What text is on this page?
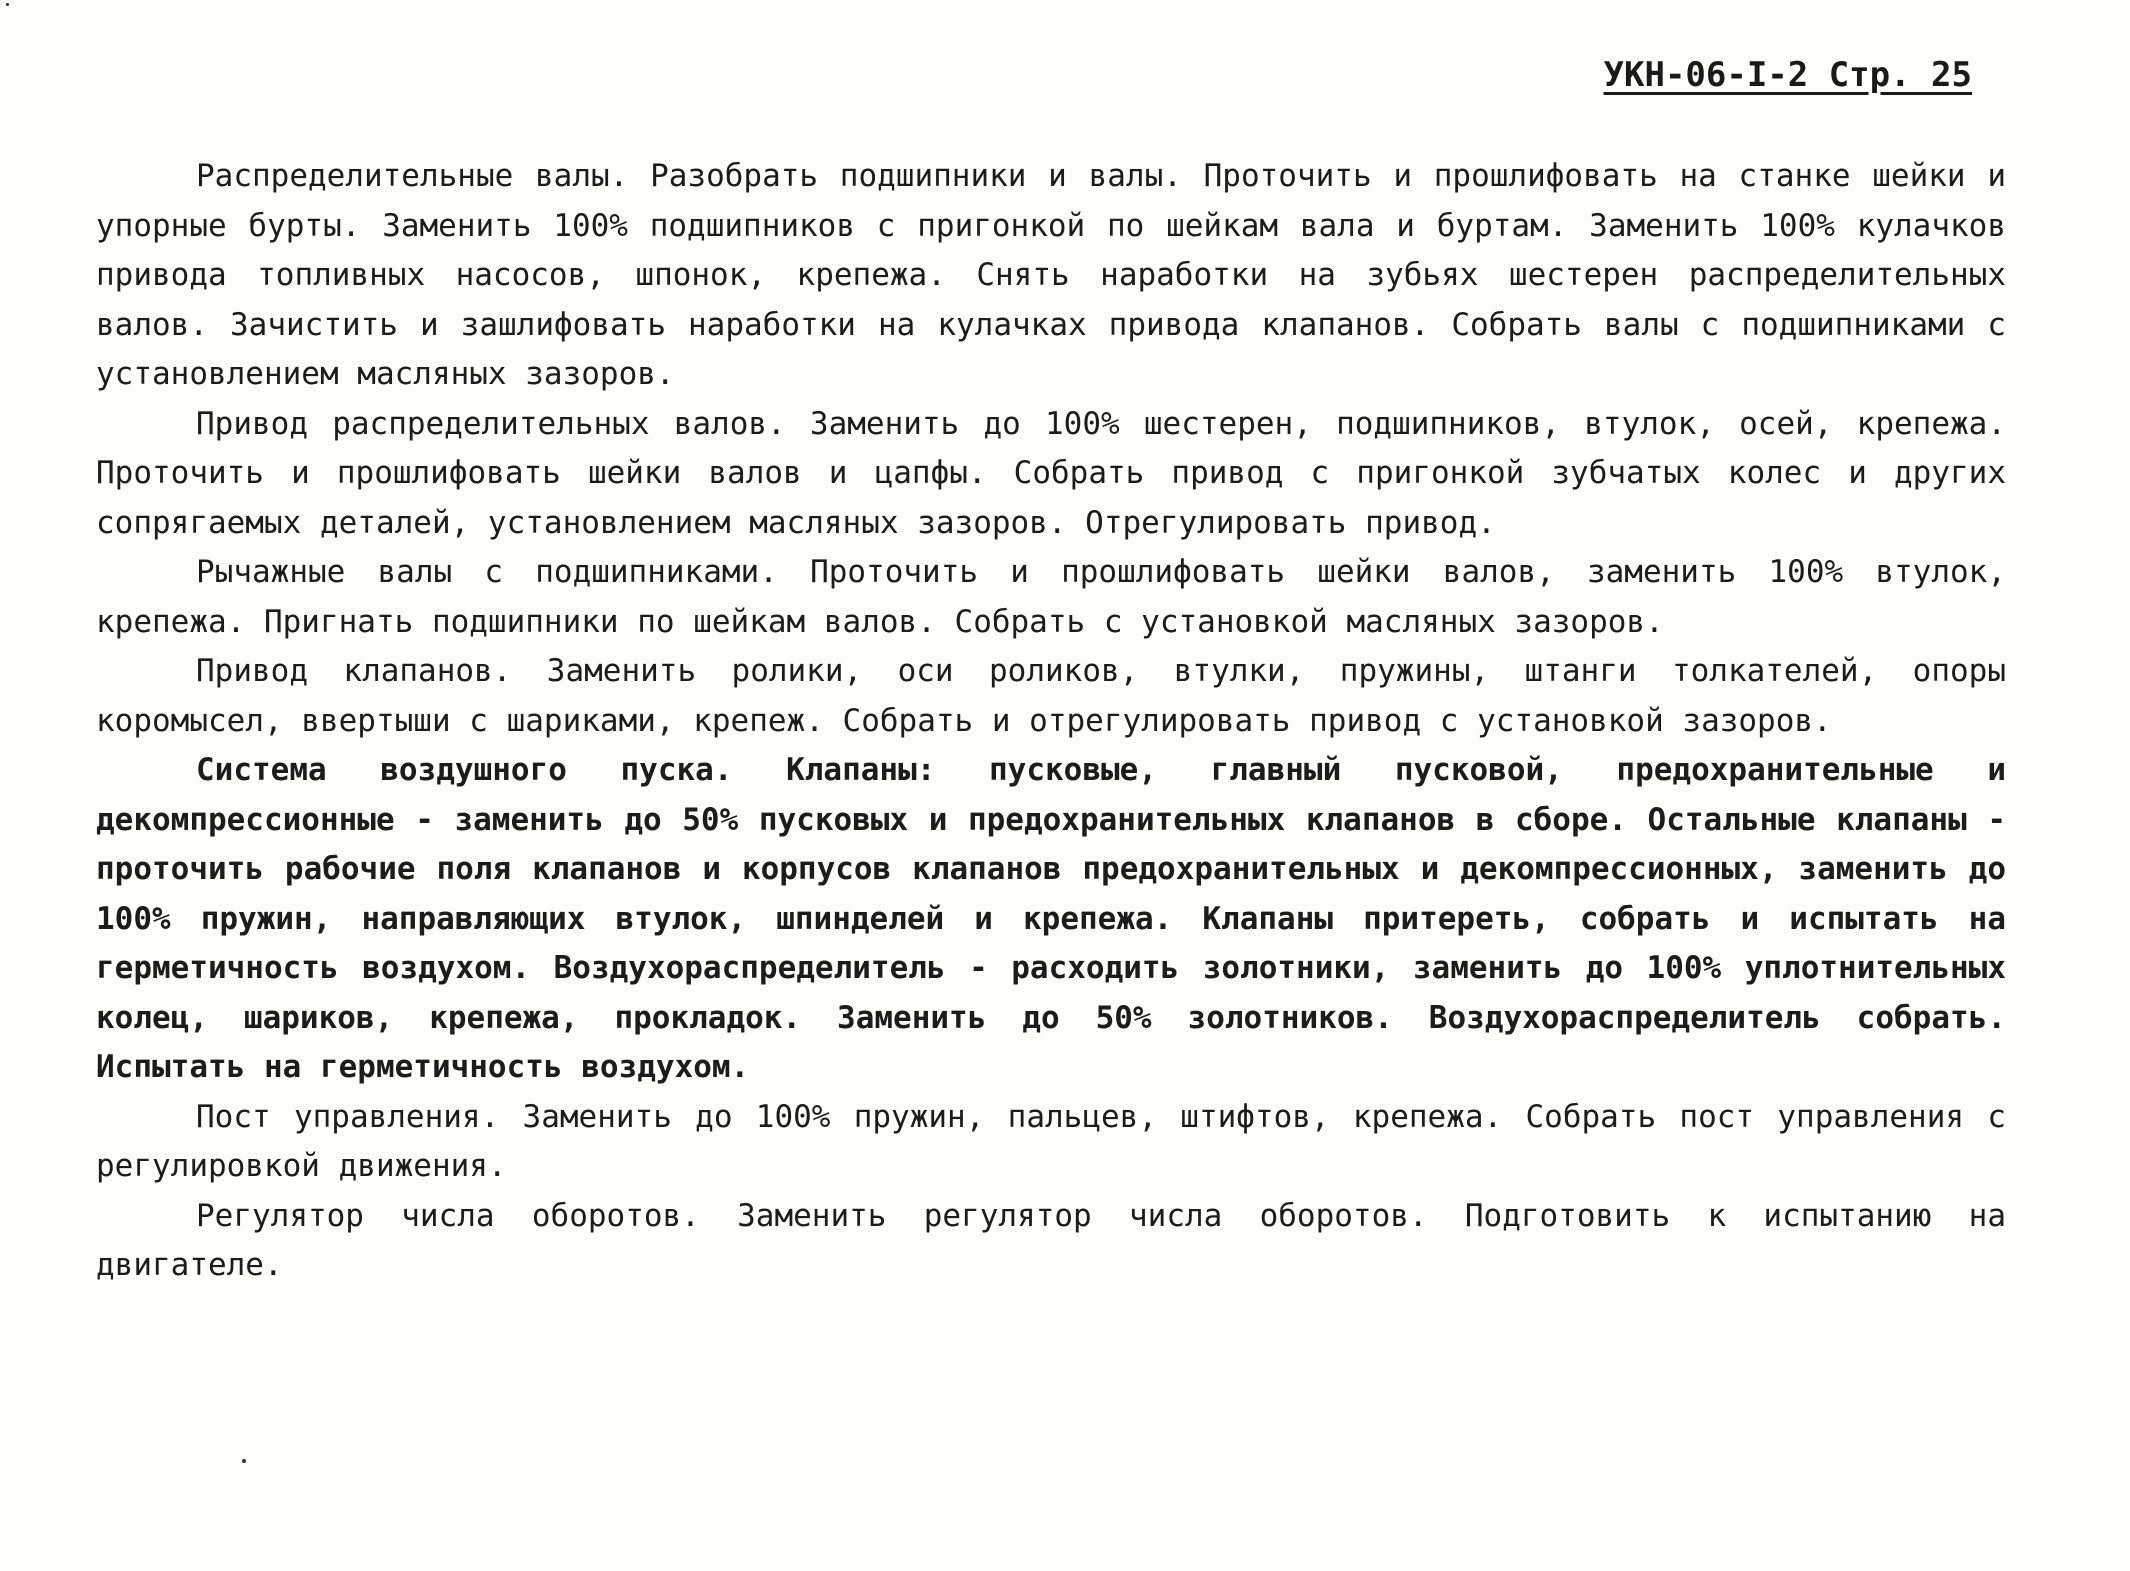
УКН-06-I-2 Стр. 25

Распределительные валы. Разобрать подшипники и валы. Проточить и прошлифовать на станке шейки и упорные бурты. Заменить 100% подшипников с пригонкой по шейкам вала и буртам. Заменить 100% кулачков привода топливных насосов, шпонок, крепежа. Снять наработки на зубьях шестерен распределительных валов. Зачистить и зашлифовать наработки на кулачках привода клапанов. Собрать валы с подшипниками с установлением масляных зазоров.

Привод распределительных валов. Заменить до 100% шестерен, подшипников, втулок, осей, крепежа. Проточить и прошлифовать шейки валов и цапфы. Собрать привод с пригонкой зубчатых колес и других сопрягаемых деталей, установлением масляных зазоров. Отрегулировать привод.

Рычажные валы с подшипниками. Проточить и прошлифовать шейки валов, заменить 100% втулок, крепежа. Пригнать подшипники по шейкам валов. Собрать с установкой масляных зазоров.

Привод клапанов. Заменить ролики, оси роликов, втулки, пружины, штанги толкателей, опоры коромысел, ввертыши с шариками, крепеж. Собрать и отрегулировать привод с установкой зазоров.

Система воздушного пуска. Клапаны: пусковые, главный пусковой, предохранительные и декомпрессионные - заменить до 50% пусковых и предохранительных клапанов в сборе. Остальные клапаны - проточить рабочие поля клапанов и корпусов клапанов предохранительных и декомпрессионных, заменить до 100% пружин, направляющих втулок, шпинделей и крепежа. Клапаны притереть, собрать и испытать на герметичность воздухом. Воздухораспределитель - расходить золотники, заменить до 100% уплотнительных колец, шариков, крепежа, прокладок. Заменить до 50% золотников. Воздухораспределитель собрать. Испытать на герметичность воздухом.

Пост управления. Заменить до 100% пружин, пальцев, штифтов, крепежа. Собрать пост управления с регулировкой движения.

Регулятор числа оборотов. Заменить регулятор числа оборотов. Подготовить к испытанию на двигателе.
